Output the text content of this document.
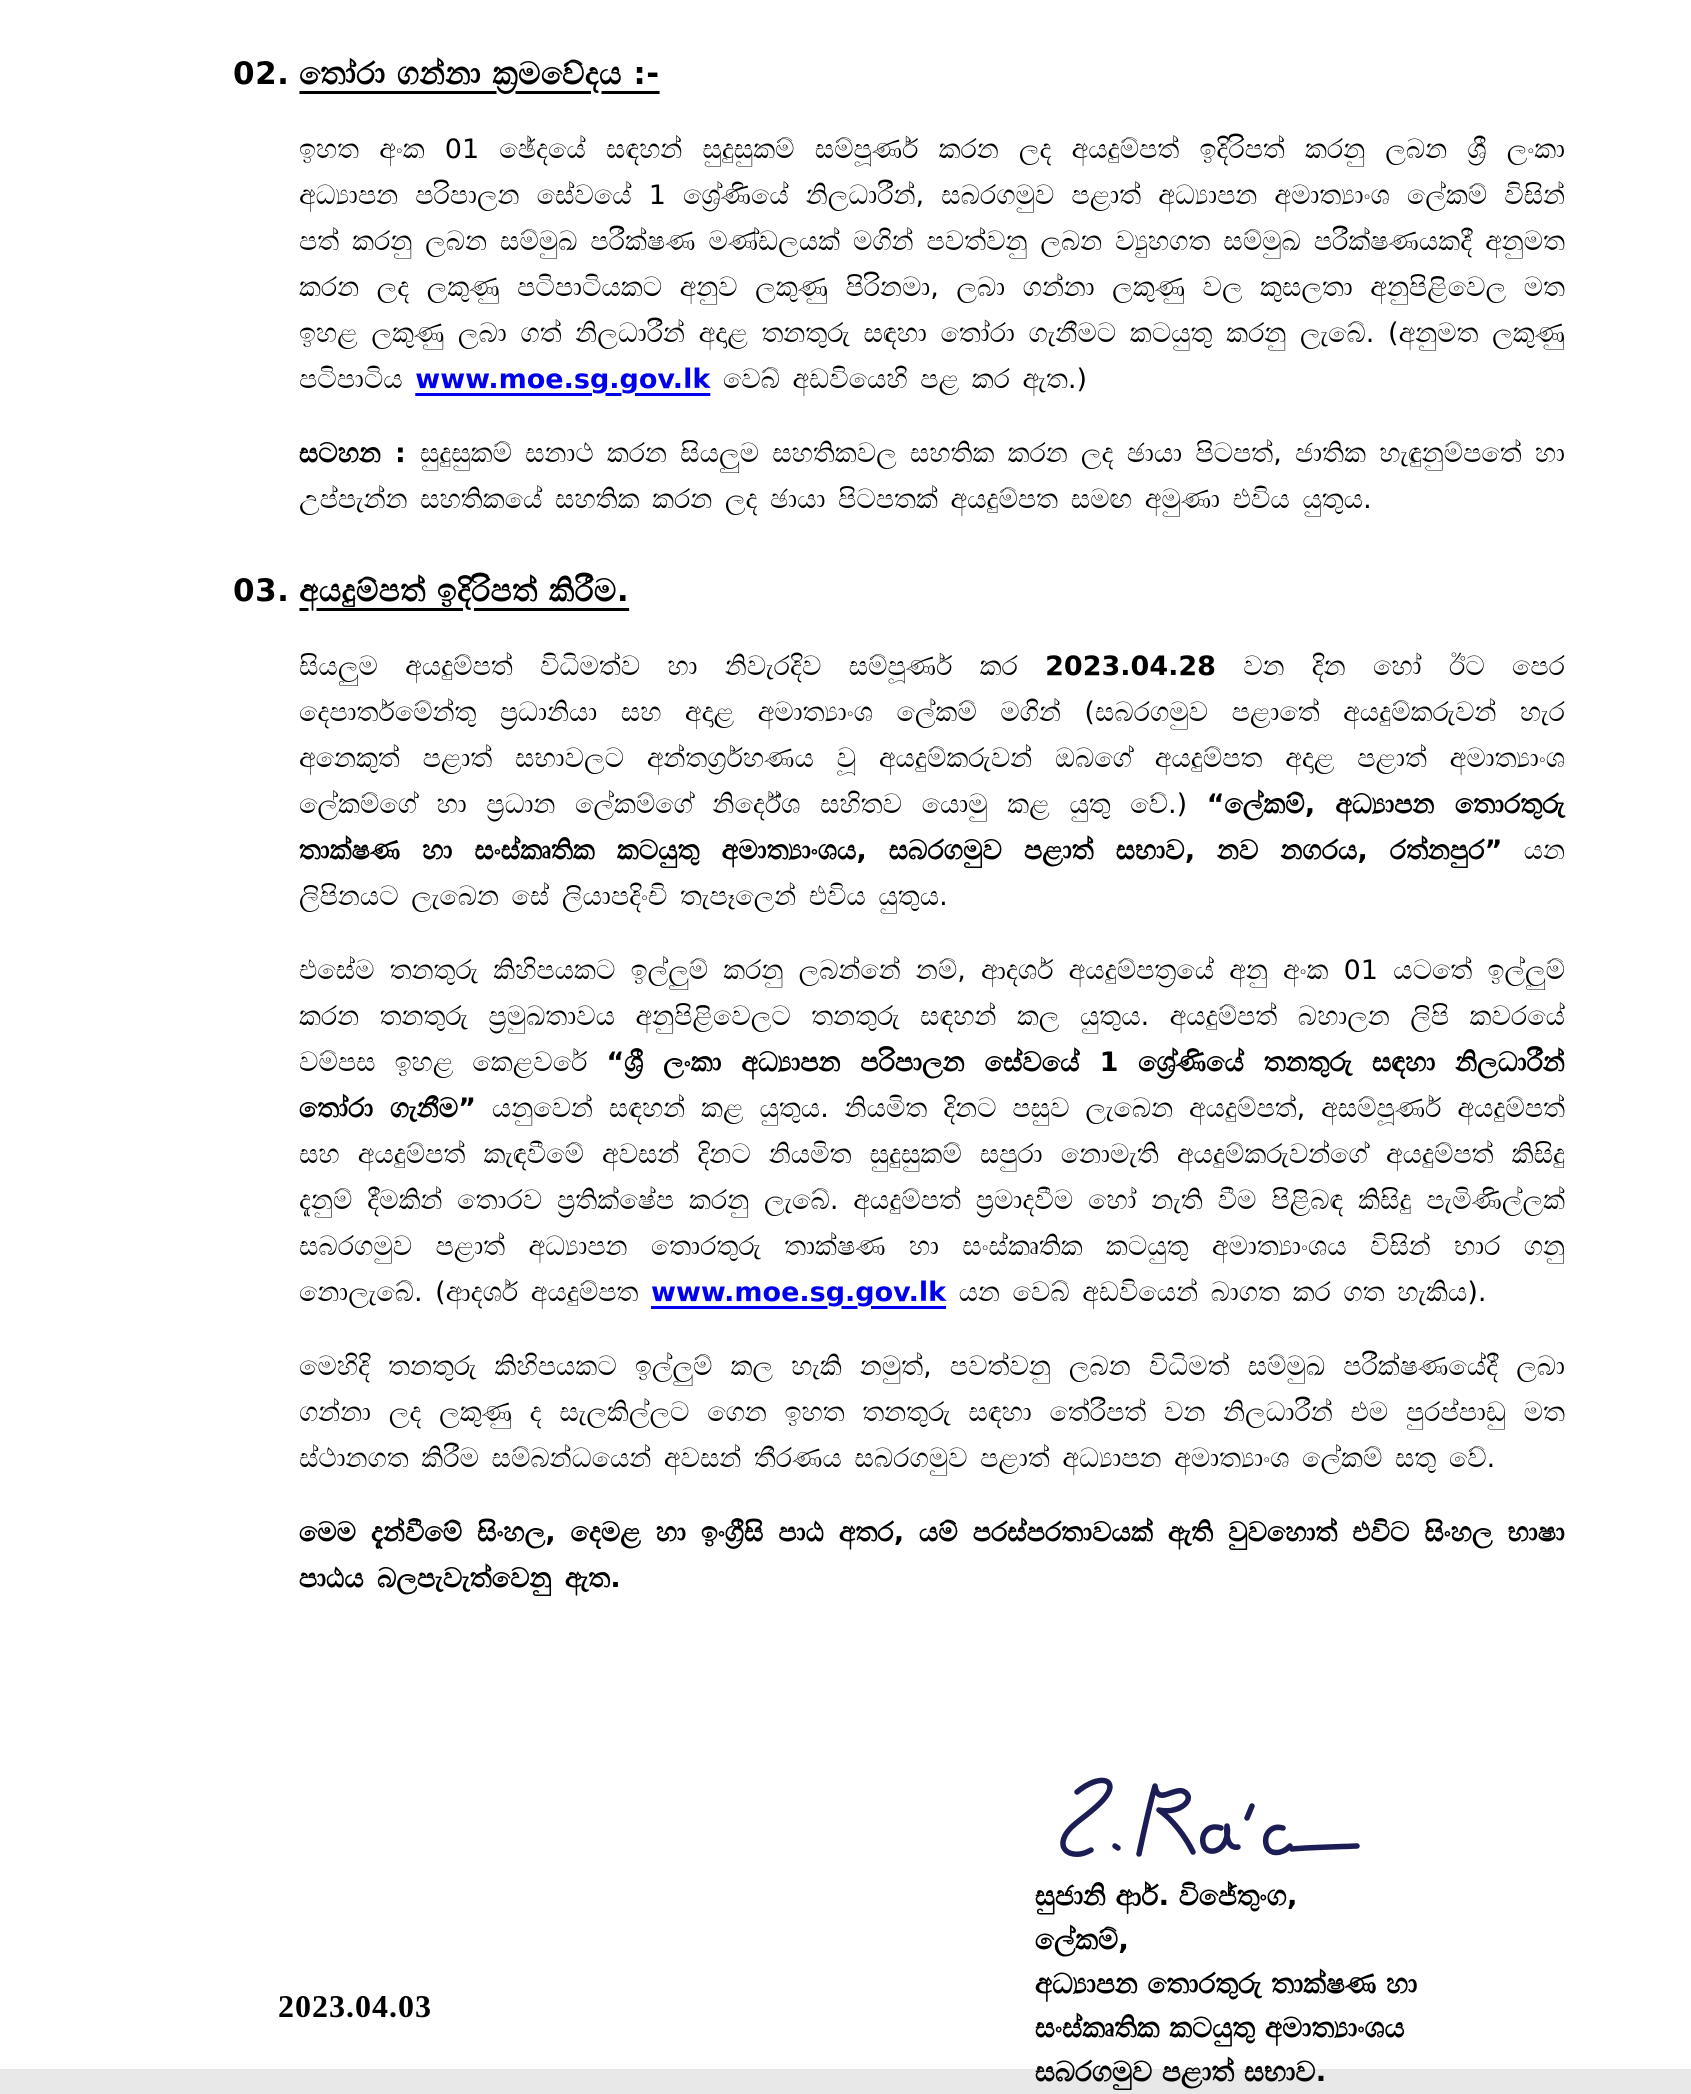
02. තෝරා ගන්නා ක්‍රමවේදය :-

ඉහත අංක 01 ඡේදයේ සඳහන් සුදුසුකම් සම්පූර්ණ කරන ලද අයදුම්පත් ඉදිරිපත් කරනු ලබන ශ්‍රී ලංකා අධ්‍යාපන පරිපාලන සේවයේ 1 ශ්‍රේණියේ නිලධාරීන්, සබරගමුව පළාත් අධ්‍යාපන අමාත්‍යාංශ ලේකම් විසින් පත් කරනු ලබන සම්මුඛ පරීක්ෂණ මණ්ඩලයක් මගින් පවත්වනු ලබන ව්‍යුහගත සම්මුඛ පරීක්ෂණයකදී අනුමත කරන ලද ලකුණු පටිපාටියකට අනුව ලකුණු පිරිනමා, ලබා ගන්නා ලකුණු වල කුසලතා අනුපිළිවෙල මත ඉහළ ලකුණු ලබා ගත් නිලධාරීන් අදාළ තනතුරු සඳහා තෝරා ගැනීමට කටයුතු කරනු ලැබේ. (අනුමත ලකුණු පටිපාටිය www.moe.sg.gov.lk වෙබ් අඩවියෙහි පළ කර ඇත.)

සටහන : සුදුසුකම් සනාථ කරන සියලුම සහතිකවල සහතික කරන ලද ඡායා පිටපත්, ජාතික හැඳුනුම්පතේ හා උප්පැන්න සහතිකයේ සහතික කරන ලද ඡායා පිටපතක් අයදුම්පත සමඟ අමුණා එවිය යුතුය.

03. අයදුම්පත් ඉදිරිපත් කිරීම.

සියලුම අයදුම්පත් විධිමත්ව හා නිවැරදිව සම්පූර්ණ කර 2023.04.28 වන දින හෝ ඊට පෙර දෙපාර්තමේන්තු ප්‍රධානියා සහ අදාළ අමාත්‍යාංශ ලේකම් මගින් (සබරගමුව පළාතේ අයදුම්කරුවන් හැර අනෙකුත් පළාත් සභාවලට අන්තර්ග්‍රහණය වූ අයදුම්කරුවන් ඔබගේ අයදුම්පත අදාළ පළාත් අමාත්‍යාංශ ලේකම්ගේ හා ප්‍රධාන ලේකම්ගේ නිර්දේශ සහිතව යොමු කළ යුතු වේ.) “ලේකම්, අධ්‍යාපන තොරතුරු තාක්ෂණ හා සංස්කෘතික කටයුතු අමාත්‍යාංශය, සබරගමුව පළාත් සභාව, නව නගරය, රත්නපුර” යන ලිපිනයට ලැබෙන සේ ලියාපදිංචි තැපෑලෙන් එවිය යුතුය.

එසේම තනතුරු කිහිපයකට ඉල්ලුම් කරනු ලබන්නේ නම්, ආදර්ශ අයදුම්පත්‍රයේ අනු අංක 01 යටතේ ඉල්ලුම් කරන තනතුරු ප්‍රමුඛතාවය අනුපිළිවෙලට තනතුරු සඳහන් කල යුතුය. අයදුම්පත් බහාලන ලිපි කවරයේ වම්පස ඉහළ කෙළවරේ “ශ්‍රී ලංකා අධ්‍යාපන පරිපාලන සේවයේ 1 ශ්‍රේණියේ තනතුරු සඳහා නිලධාරීන් තෝරා ගැනීම” යනුවෙන් සඳහන් කළ යුතුය. නියමිත දිනට පසුව ලැබෙන අයදුම්පත්, අසම්පූර්ණ අයදුම්පත් සහ අයදුම්පත් කැඳවීමේ අවසන් දිනට නියමිත සුදුසුකම් සපුරා නොමැති අයදුම්කරුවන්ගේ අයදුම්පත් කිසිදු දැනුම් දීමකින් තොරව ප්‍රතික්ෂේප කරනු ලැබේ. අයදුම්පත් ප්‍රමාදවීම හෝ නැති වීම පිළිබඳ කිසිදු පැමිණිල්ලක් සබරගමුව පළාත් අධ්‍යාපන තොරතුරු තාක්ෂණ හා සංස්කෘතික කටයුතු අමාත්‍යාංශය විසින් භාර ගනු නොලැබේ. (ආදර්ශ අයදුම්පත www.moe.sg.gov.lk යන වෙබ් අඩවියෙන් බාගත කර ගත හැකිය).

මෙහිදි තනතුරු කිහිපයකට ඉල්ලුම් කල හැකි නමුත්, පවත්වනු ලබන විධිමත් සම්මුඛ පරීක්ෂණයේදී ලබා ගන්නා ලද ලකුණු ද සැලකිල්ලට ගෙන ඉහත තනතුරු සඳහා තේරීපත් වන නිලධාරීන් එම පුරප්පාඩු මත ස්ථානගත කිරීම සම්බන්ධයෙන් අවසන් තීරණය සබරගමුව පළාත් අධ්‍යාපන අමාත්‍යාංශ ලේකම් සතු වේ.

මෙම දැන්වීමේ සිංහල, දෙමළ හා ඉංග්‍රීසි පාඨ අතර, යම් පරස්පරතාවයක් ඇති වුවහොත් එවිට සිංහල භාෂා පාඨය බලපැවැත්වෙනු ඇත.

සුජානි ආර්. විජේතුංග,
ලේකම්,
අධ්‍යාපන තොරතුරු තාක්ෂණ හා
සංස්කෘතික කටයුතු අමාත්‍යාංශය
සබරගමුව පළාත් සභාව.
2023.04.03
